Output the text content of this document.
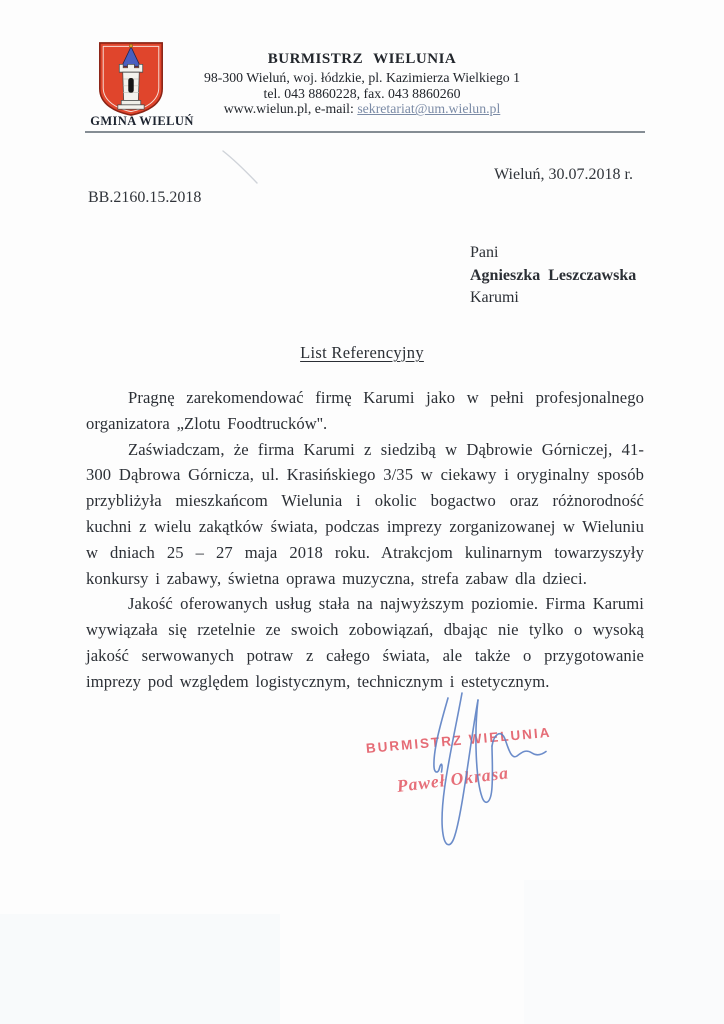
GMINA WIELUŃ
BURMISTRZ WIELUNIA
98-300 Wieluń, woj. łódzkie, pl. Kazimierza Wielkiego 1
tel. 043 8860228, fax. 043 8860260
www.wielun.pl, e-mail: sekretariat@um.wielun.pl
Wieluń, 30.07.2018 r.
BB.2160.15.2018
Pani
Agnieszka Leszczawska
Karumi
List Referencyjny

Pragnę zarekomendować firmę Karumi jako w pełni profesjonalnego organizatora „Zlotu Foodtrucków''.

Zaświadczam, że firma Karumi z siedzibą w Dąbrowie Górniczej, 41- 300 Dąbrowa Górnicza, ul. Krasińskiego 3/35 w ciekawy i oryginalny sposób przybliżyła mieszkańcom Wielunia i okolic bogactwo oraz różnorodność kuchni z wielu zakątków świata, podczas imprezy zorganizowanej w Wieluniu w dniach 25 – 27 maja 2018 roku. Atrakcjom kulinarnym towarzyszyły konkursy i zabawy, świetna oprawa muzyczna, strefa zabaw dla dzieci.

Jakość oferowanych usług stała na najwyższym poziomie. Firma Karumi wywiązała się rzetelnie ze swoich zobowiązań, dbając nie tylko o wysoką jakość serwowanych potraw z całego świata, ale także o przygotowanie imprezy pod względem logistycznym, technicznym i estetycznym.

BURMISTRZ WIELUNIA
Paweł Okrasa
